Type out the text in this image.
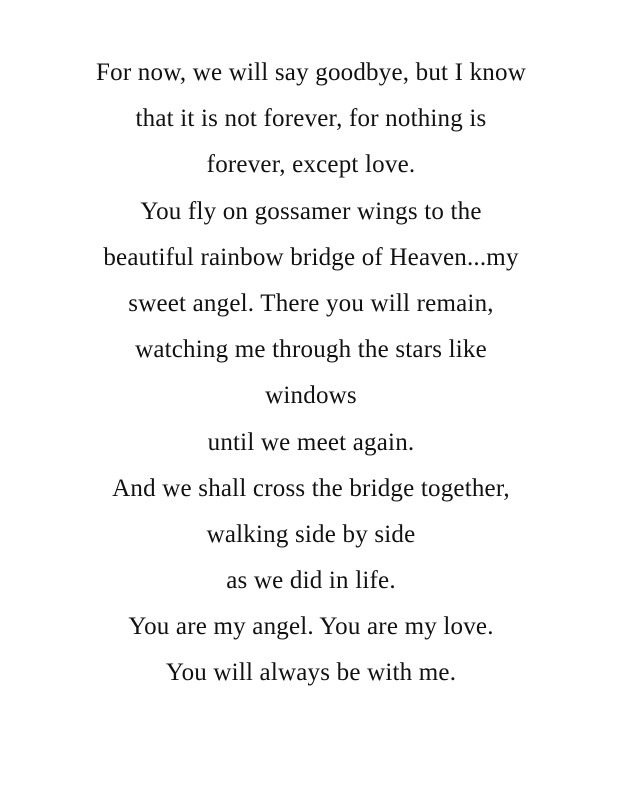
For now, we will say goodbye, but I know
that it is not forever, for nothing is
forever, except love.
You fly on gossamer wings to the
beautiful rainbow bridge of Heaven...my
sweet angel. There you will remain,
watching me through the stars like
windows
until we meet again.
And we shall cross the bridge together,
walking side by side
as we did in life.
You are my angel. You are my love.
You will always be with me.
